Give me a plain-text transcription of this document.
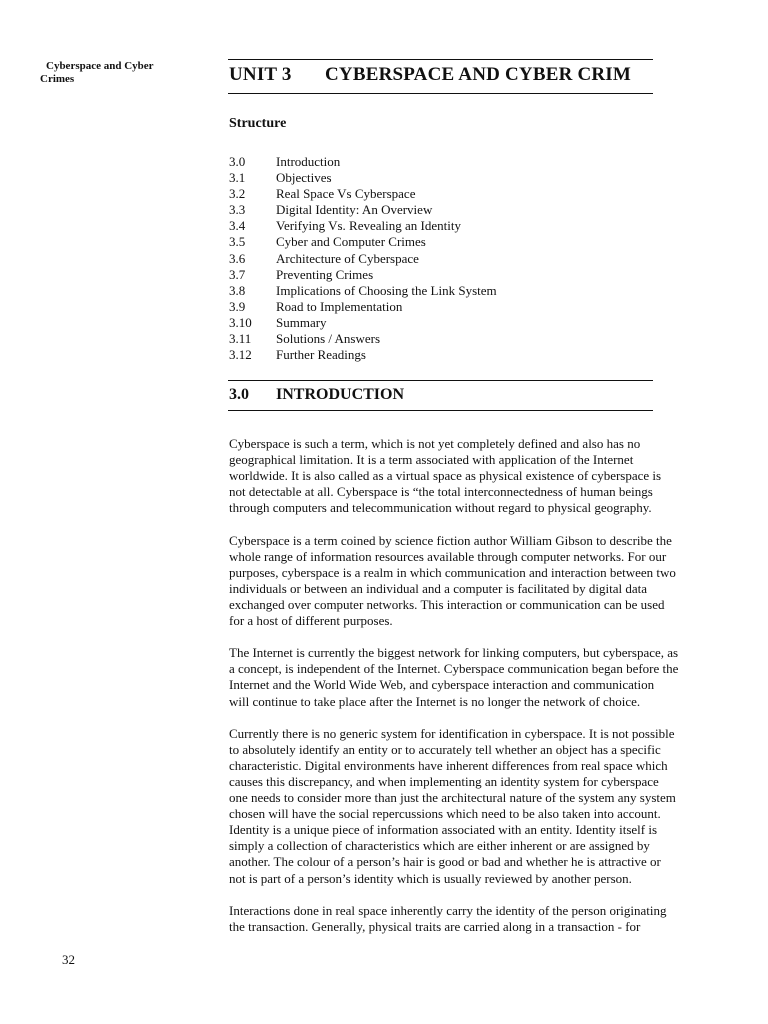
Cyberspace and Cyber
Crimes	UNIT 3 CYBERSPACE AND CYBER CRIM
Structure
3.0	Introduction
3.1	Objectives
3.2	Real Space Vs Cyberspace
3.3	Digital Identity: An Overview
3.4	Verifying Vs. Revealing an Identity
3.5	Cyber and Computer Crimes
3.6	Architecture of Cyberspace
3.7	Preventing Crimes
3.8	Implications of Choosing the Link System
3.9	Road to Implementation
3.10	Summary
3.11	Solutions / Answers
3.12	Further Readings
3.0 INTRODUCTION

Cyberspace is such a term, which is not yet completely defined and also has no
geographical limitation. It is a term associated with application of the Internet
worldwide. It is also called as a virtual space as physical existence of cyberspace is
not detectable at all. Cyberspace is “the total interconnectedness of human beings
through computers and telecommunication without regard to physical geography.

Cyberspace is a term coined by science fiction author William Gibson to describe the
whole range of information resources available through computer networks. For our
purposes, cyberspace is a realm in which communication and interaction between two
individuals or between an individual and a computer is facilitated by digital data
exchanged over computer networks. This interaction or communication can be used
for a host of different purposes.

The Internet is currently the biggest network for linking computers, but cyberspace, as
a concept, is independent of the Internet. Cyberspace communication began before the
Internet and the World Wide Web, and cyberspace interaction and communication
will continue to take place after the Internet is no longer the network of choice.

Currently there is no generic system for identification in cyberspace. It is not possible
to absolutely identify an entity or to accurately tell whether an object has a specific
characteristic. Digital environments have inherent differences from real space which
causes this discrepancy, and when implementing an identity system for cyberspace
one needs to consider more than just the architectural nature of the system any system
chosen will have the social repercussions which need to be also taken into account.
Identity is a unique piece of information associated with an entity. Identity itself is
simply a collection of characteristics which are either inherent or are assigned by
another. The colour of a person’s hair is good or bad and whether he is attractive or
not is part of a person’s identity which is usually reviewed by another person.

Interactions done in real space inherently carry the identity of the person originating
the transaction. Generally, physical traits are carried along in a transaction - for

32
